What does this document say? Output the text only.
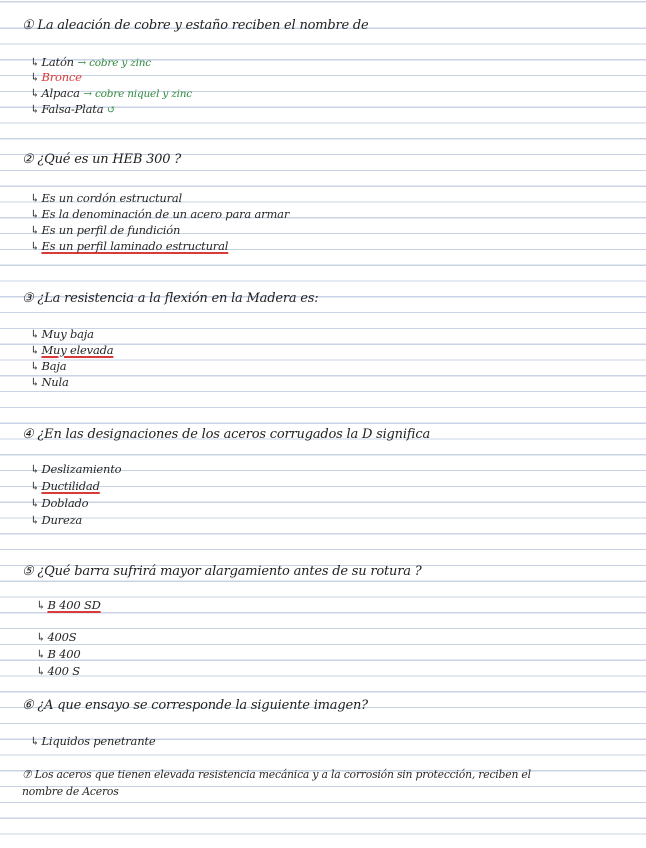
① La aleación de cobre y estaño reciben el nombre de
↳ Latón → cobre y zinc
↳ Bronce
↳ Alpaca → cobre niquel y zinc
↳ Falsa-Plata ↺
② ¿Qué es un HEB 300 ?
↳ Es un cordón estructural
↳ Es la denominación de un acero para armar
↳ Es un perfil de fundición
↳ Es un perfil laminado estructural
③ ¿La resistencia a la flexión en la Madera es:
↳ Muy baja
↳ Muy elevada
↳ Baja
↳ Nula
④ ¿En las designaciones de los aceros corrugados la D significa
↳ Deslizamiento
↳ Ductilidad
↳ Doblado
↳ Dureza
⑤ ¿Qué barra sufrirá mayor alargamiento antes de su rotura ?
↳ B 400 SD
↳ 400S
↳ B 400
↳ 400 S
⑥ ¿A que ensayo se corresponde la siguiente imagen?
↳ Liquidos penetrante
⑦ Los aceros que tienen elevada resistencia mecánica y a la corrosión sin protección, reciben el
nombre de Aceros
